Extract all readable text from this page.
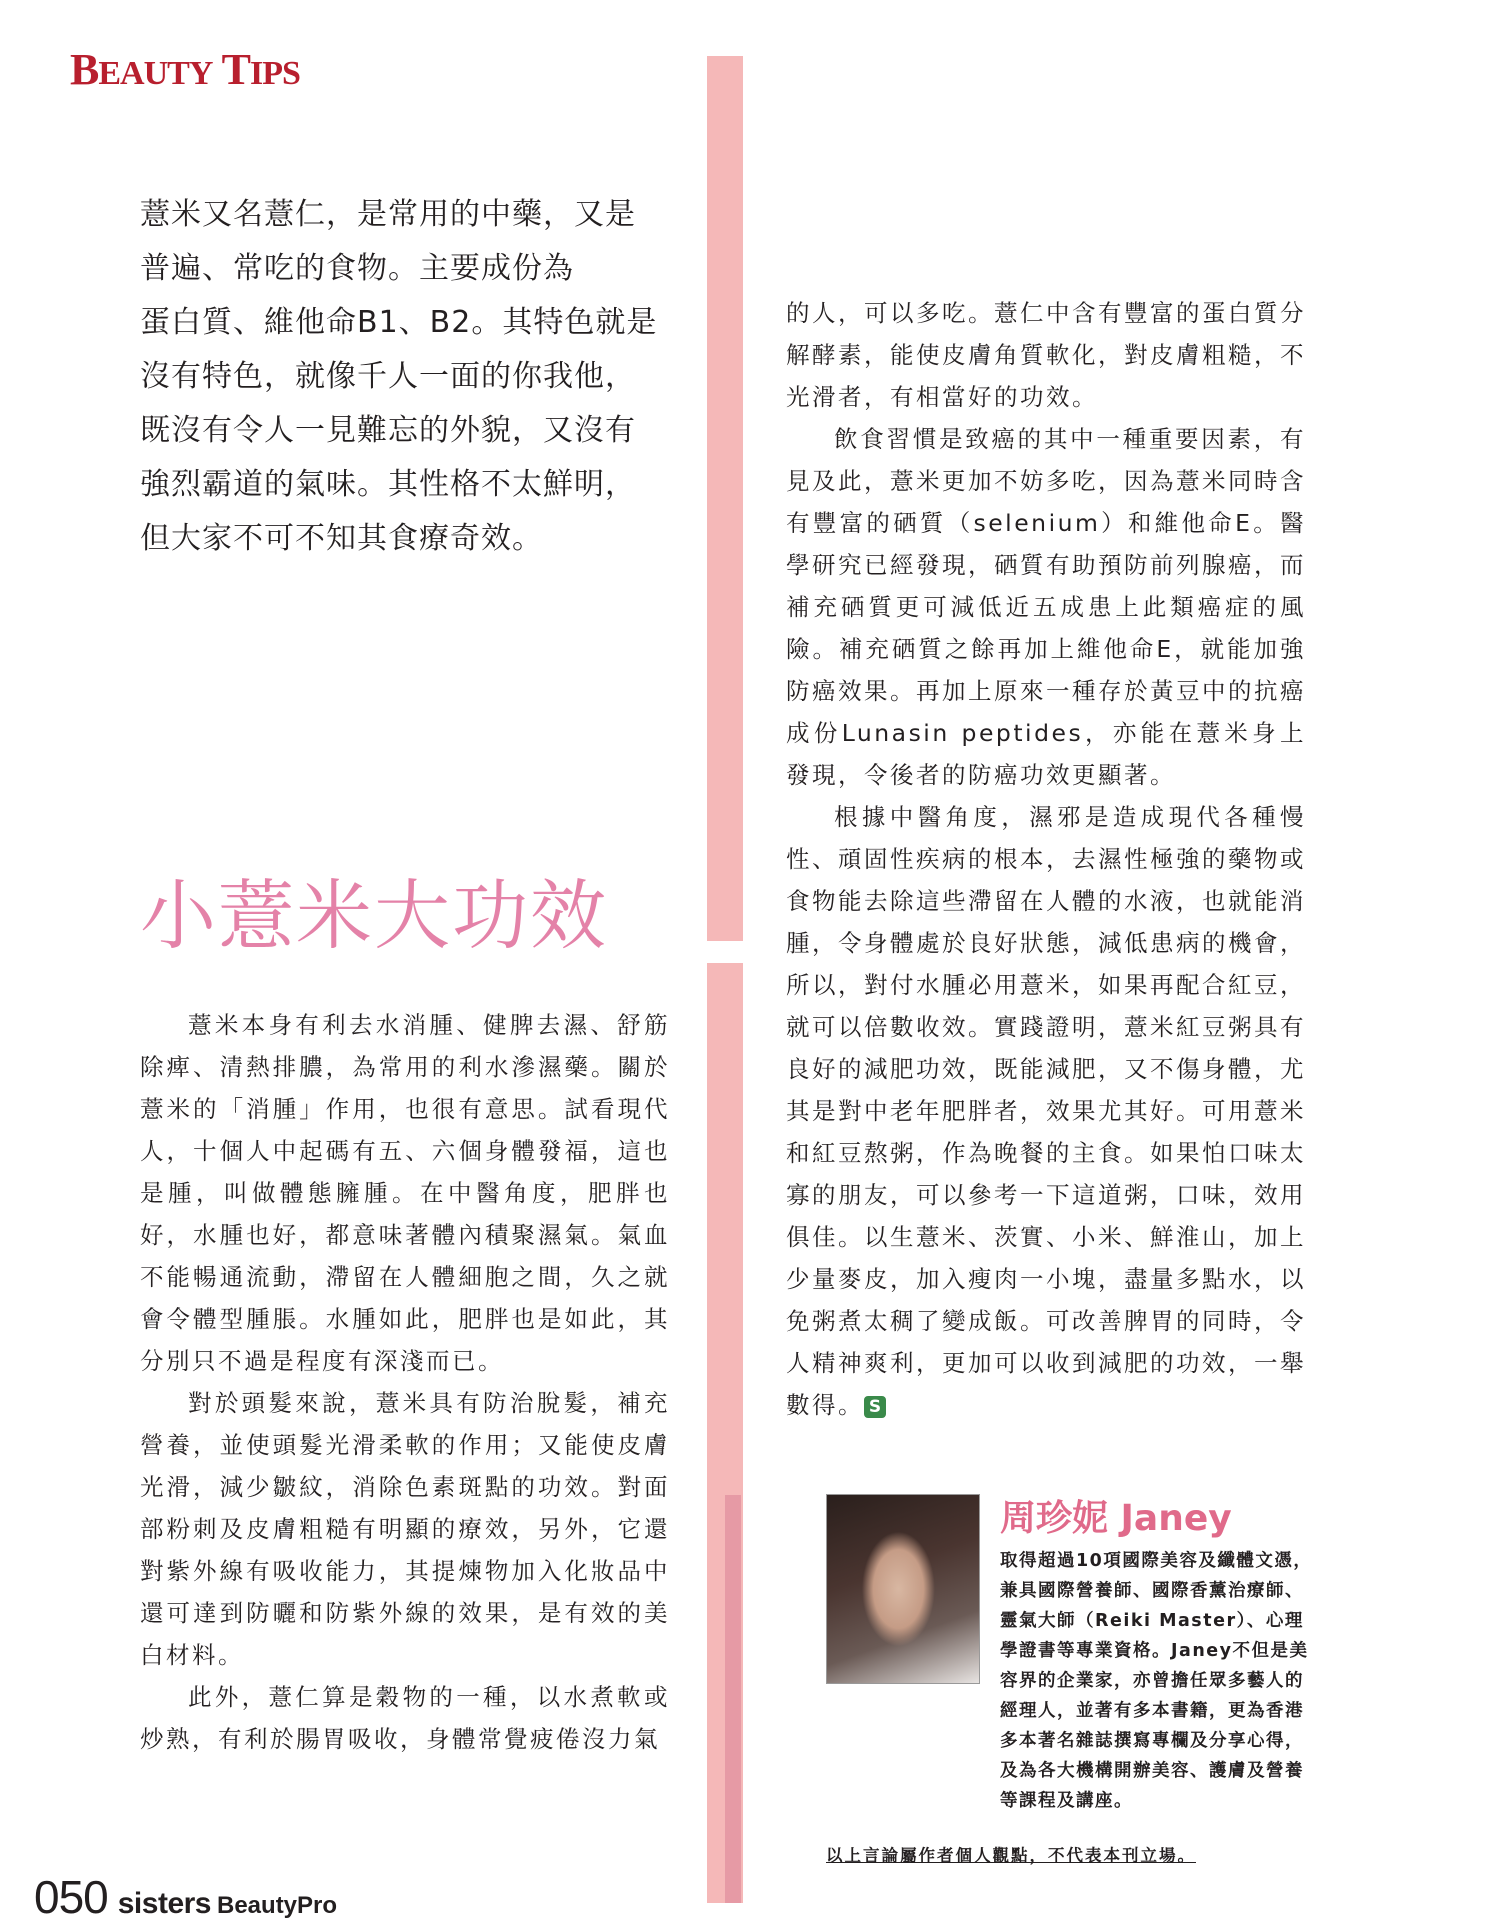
BEAUTY TIPS

薏米又名薏仁，是常用的中藥，又是

普遍、常吃的食物。主要成份為

蛋白質、維他命B1、B2。其特色就是

沒有特色，就像千人一面的你我他，

既沒有令人一見難忘的外貌，又沒有

強烈霸道的氣味。其性格不太鮮明，

但大家不可不知其食療奇效。

小薏米大功效

薏米本身有利去水消腫、健脾去濕、舒筋除痺、清熱排膿，為常用的利水滲濕藥。關於薏米的「消腫」作用，也很有意思。試看現代人，十個人中起碼有五、六個身體發福，這也是腫，叫做體態臃腫。在中醫角度，肥胖也好，水腫也好，都意味著體內積聚濕氣。氣血不能暢通流動，滯留在人體細胞之間，久之就會令體型腫脹。水腫如此，肥胖也是如此，其分別只不過是程度有深淺而已。

對於頭髮來說，薏米具有防治脫髮，補充營養，並使頭髮光滑柔軟的作用；又能使皮膚光滑，減少皺紋，消除色素斑點的功效。對面部粉刺及皮膚粗糙有明顯的療效，另外，它還對紫外線有吸收能力，其提煉物加入化妝品中還可達到防曬和防紫外線的效果，是有效的美白材料。

此外，薏仁算是穀物的一種，以水煮軟或炒熟，有利於腸胃吸收，身體常覺疲倦沒力氣

的人，可以多吃。薏仁中含有豐富的蛋白質分解酵素，能使皮膚角質軟化，對皮膚粗糙，不光滑者，有相當好的功效。

飲食習慣是致癌的其中一種重要因素，有見及此，薏米更加不妨多吃，因為薏米同時含有豐富的硒質（selenium）和維他命E。醫學研究已經發現，硒質有助預防前列腺癌，而補充硒質更可減低近五成患上此類癌症的風險。補充硒質之餘再加上維他命E，就能加強防癌效果。再加上原來一種存於黃豆中的抗癌成份Lunasin peptides，亦能在薏米身上發現，令後者的防癌功效更顯著。

根據中醫角度，濕邪是造成現代各種慢性、頑固性疾病的根本，去濕性極強的藥物或食物能去除這些滯留在人體的水液，也就能消腫，令身體處於良好狀態，減低患病的機會，所以，對付水腫必用薏米，如果再配合紅豆，就可以倍數收效。實踐證明，薏米紅豆粥具有良好的減肥功效，既能減肥，又不傷身體，尤其是對中老年肥胖者，效果尤其好。可用薏米和紅豆熬粥，作為晚餐的主食。如果怕口味太寡的朋友，可以參考一下這道粥，口味，效用俱佳。以生薏米、茨實、小米、鮮淮山，加上少量麥皮，加入瘦肉一小塊，盡量多點水，以免粥煮太稠了變成飯。可改善脾胃的同時，令人精神爽利，更加可以收到減肥的功效，一舉數得。 S

周珍妮 Janey
取得超過10項國際美容及纖體文憑，兼具國際營養師、國際香薰治療師、靈氣大師（Reiki Master）、心理學證書等專業資格。Janey不但是美容界的企業家，亦曾擔任眾多藝人的經理人，並著有多本書籍，更為香港多本著名雜誌撰寫專欄及分享心得，及為各大機構開辦美容、護膚及營養等課程及講座。
以上言論屬作者個人觀點，不代表本刊立場。
050 sisters BeautyPro
